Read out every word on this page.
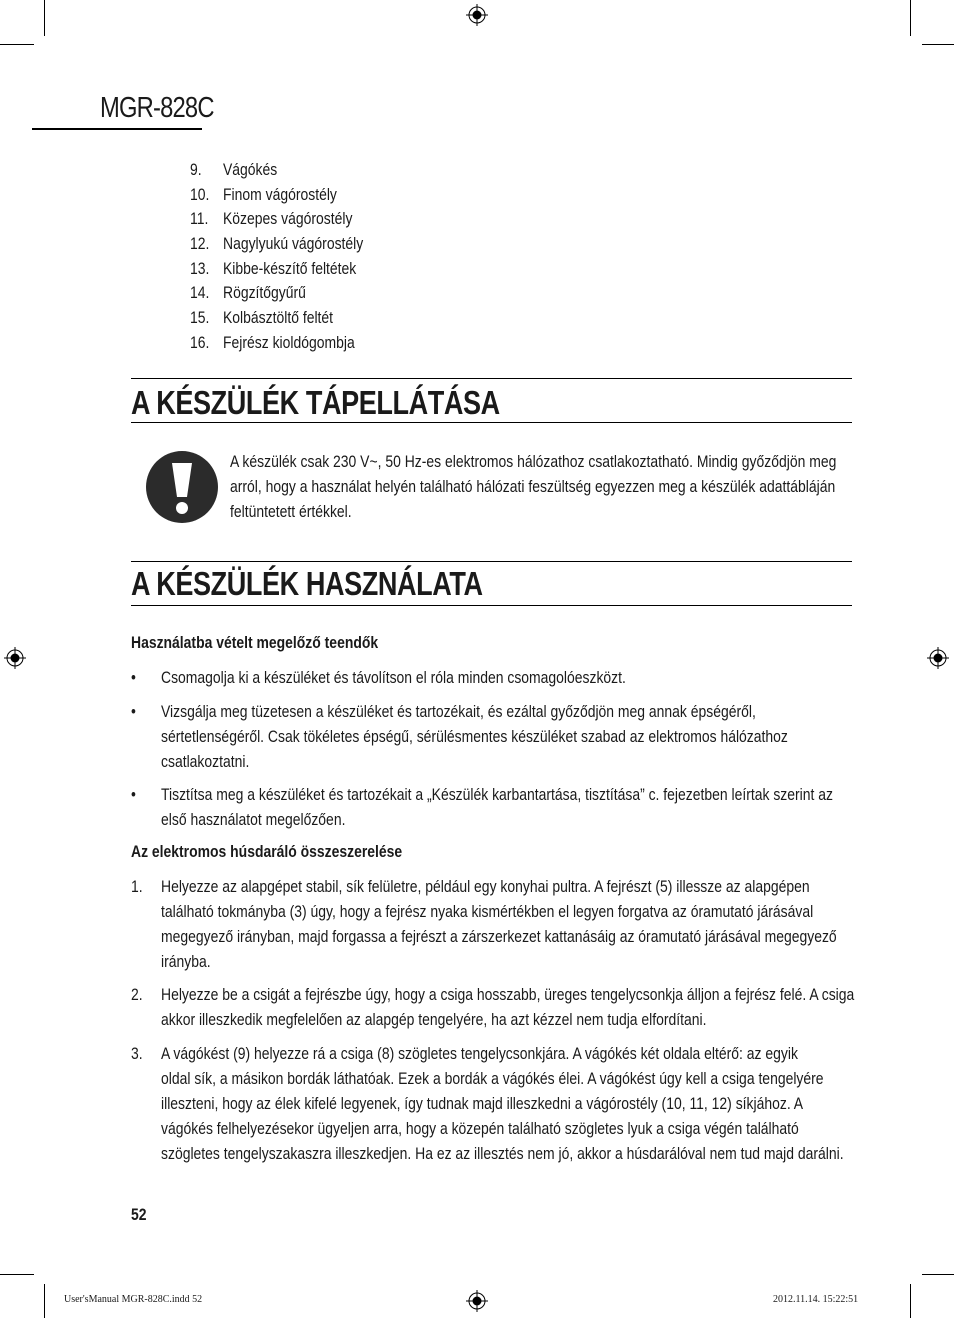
MGR-828C
9. Vágókés
10. Finom vágórostély
11. Közepes vágórostély
12. Nagylyukú vágórostély
13. Kibbe-készítő feltétek
14. Rögzítőgyűrű
15. Kolbásztöltő feltét
16. Fejrész kioldógombja
A KÉSZÜLÉK TÁPELLÁTÁSA
A készülék csak 230 V~, 50 Hz-es elektromos hálózathoz csatlakoztatható. Mindig győződjön meg
arról, hogy a használat helyén található hálózati feszültség egyezzen meg a készülék adattábláján
feltüntetett értékkel.
A KÉSZÜLÉK HASZNÁLATA
Használatba vételt megelőző teendők
• Csomagolja ki a készüléket és távolítson el róla minden csomagolóeszközt.
• Vizsgálja meg tüzetesen a készüléket és tartozékait, és ezáltal győződjön meg annak épségéről,
sértetlenségéről. Csak tökéletes épségű, sérülésmentes készüléket szabad az elektromos hálózathoz
csatlakoztatni.
• Tisztítsa meg a készüléket és tartozékait a „Készülék karbantartása, tisztítása” c. fejezetben leírtak szerint az
első használatot megelőzően.
Az elektromos húsdaráló összeszerelése
1. Helyezze az alapgépet stabil, sík felületre, például egy konyhai pultra. A fejrészt (5) illessze az alapgépen
található tokmányba (3) úgy, hogy a fejrész nyaka kismértékben el legyen forgatva az óramutató járásával
megegyező irányban, majd forgassa a fejrészt a zárszerkezet kattanásáig az óramutató járásával megegyező
irányba.
2. Helyezze be a csigát a fejrészbe úgy, hogy a csiga hosszabb, üreges tengelycsonkja álljon a fejrész felé. A csiga
akkor illeszkedik megfelelően az alapgép tengelyére, ha azt kézzel nem tudja elfordítani.
3. A vágókést (9) helyezze rá a csiga (8) szögletes tengelycsonkjára. A vágókés két oldala eltérő: az egyik
oldal sík, a másikon bordák láthatóak. Ezek a bordák a vágókés élei. A vágókést úgy kell a csiga tengelyére
illeszteni, hogy az élek kifelé legyenek, így tudnak majd illeszkedni a vágórostély (10, 11, 12) síkjához. A
vágókés felhelyezésekor ügyeljen arra, hogy a közepén található szögletes lyuk a csiga végén található
szögletes tengelyszakaszra illeszkedjen. Ha ez az illesztés nem jó, akkor a húsdarálóval nem tud majd darálni.
52
User'sManual MGR-828C.indd 52	2012.11.14. 15:22:51
